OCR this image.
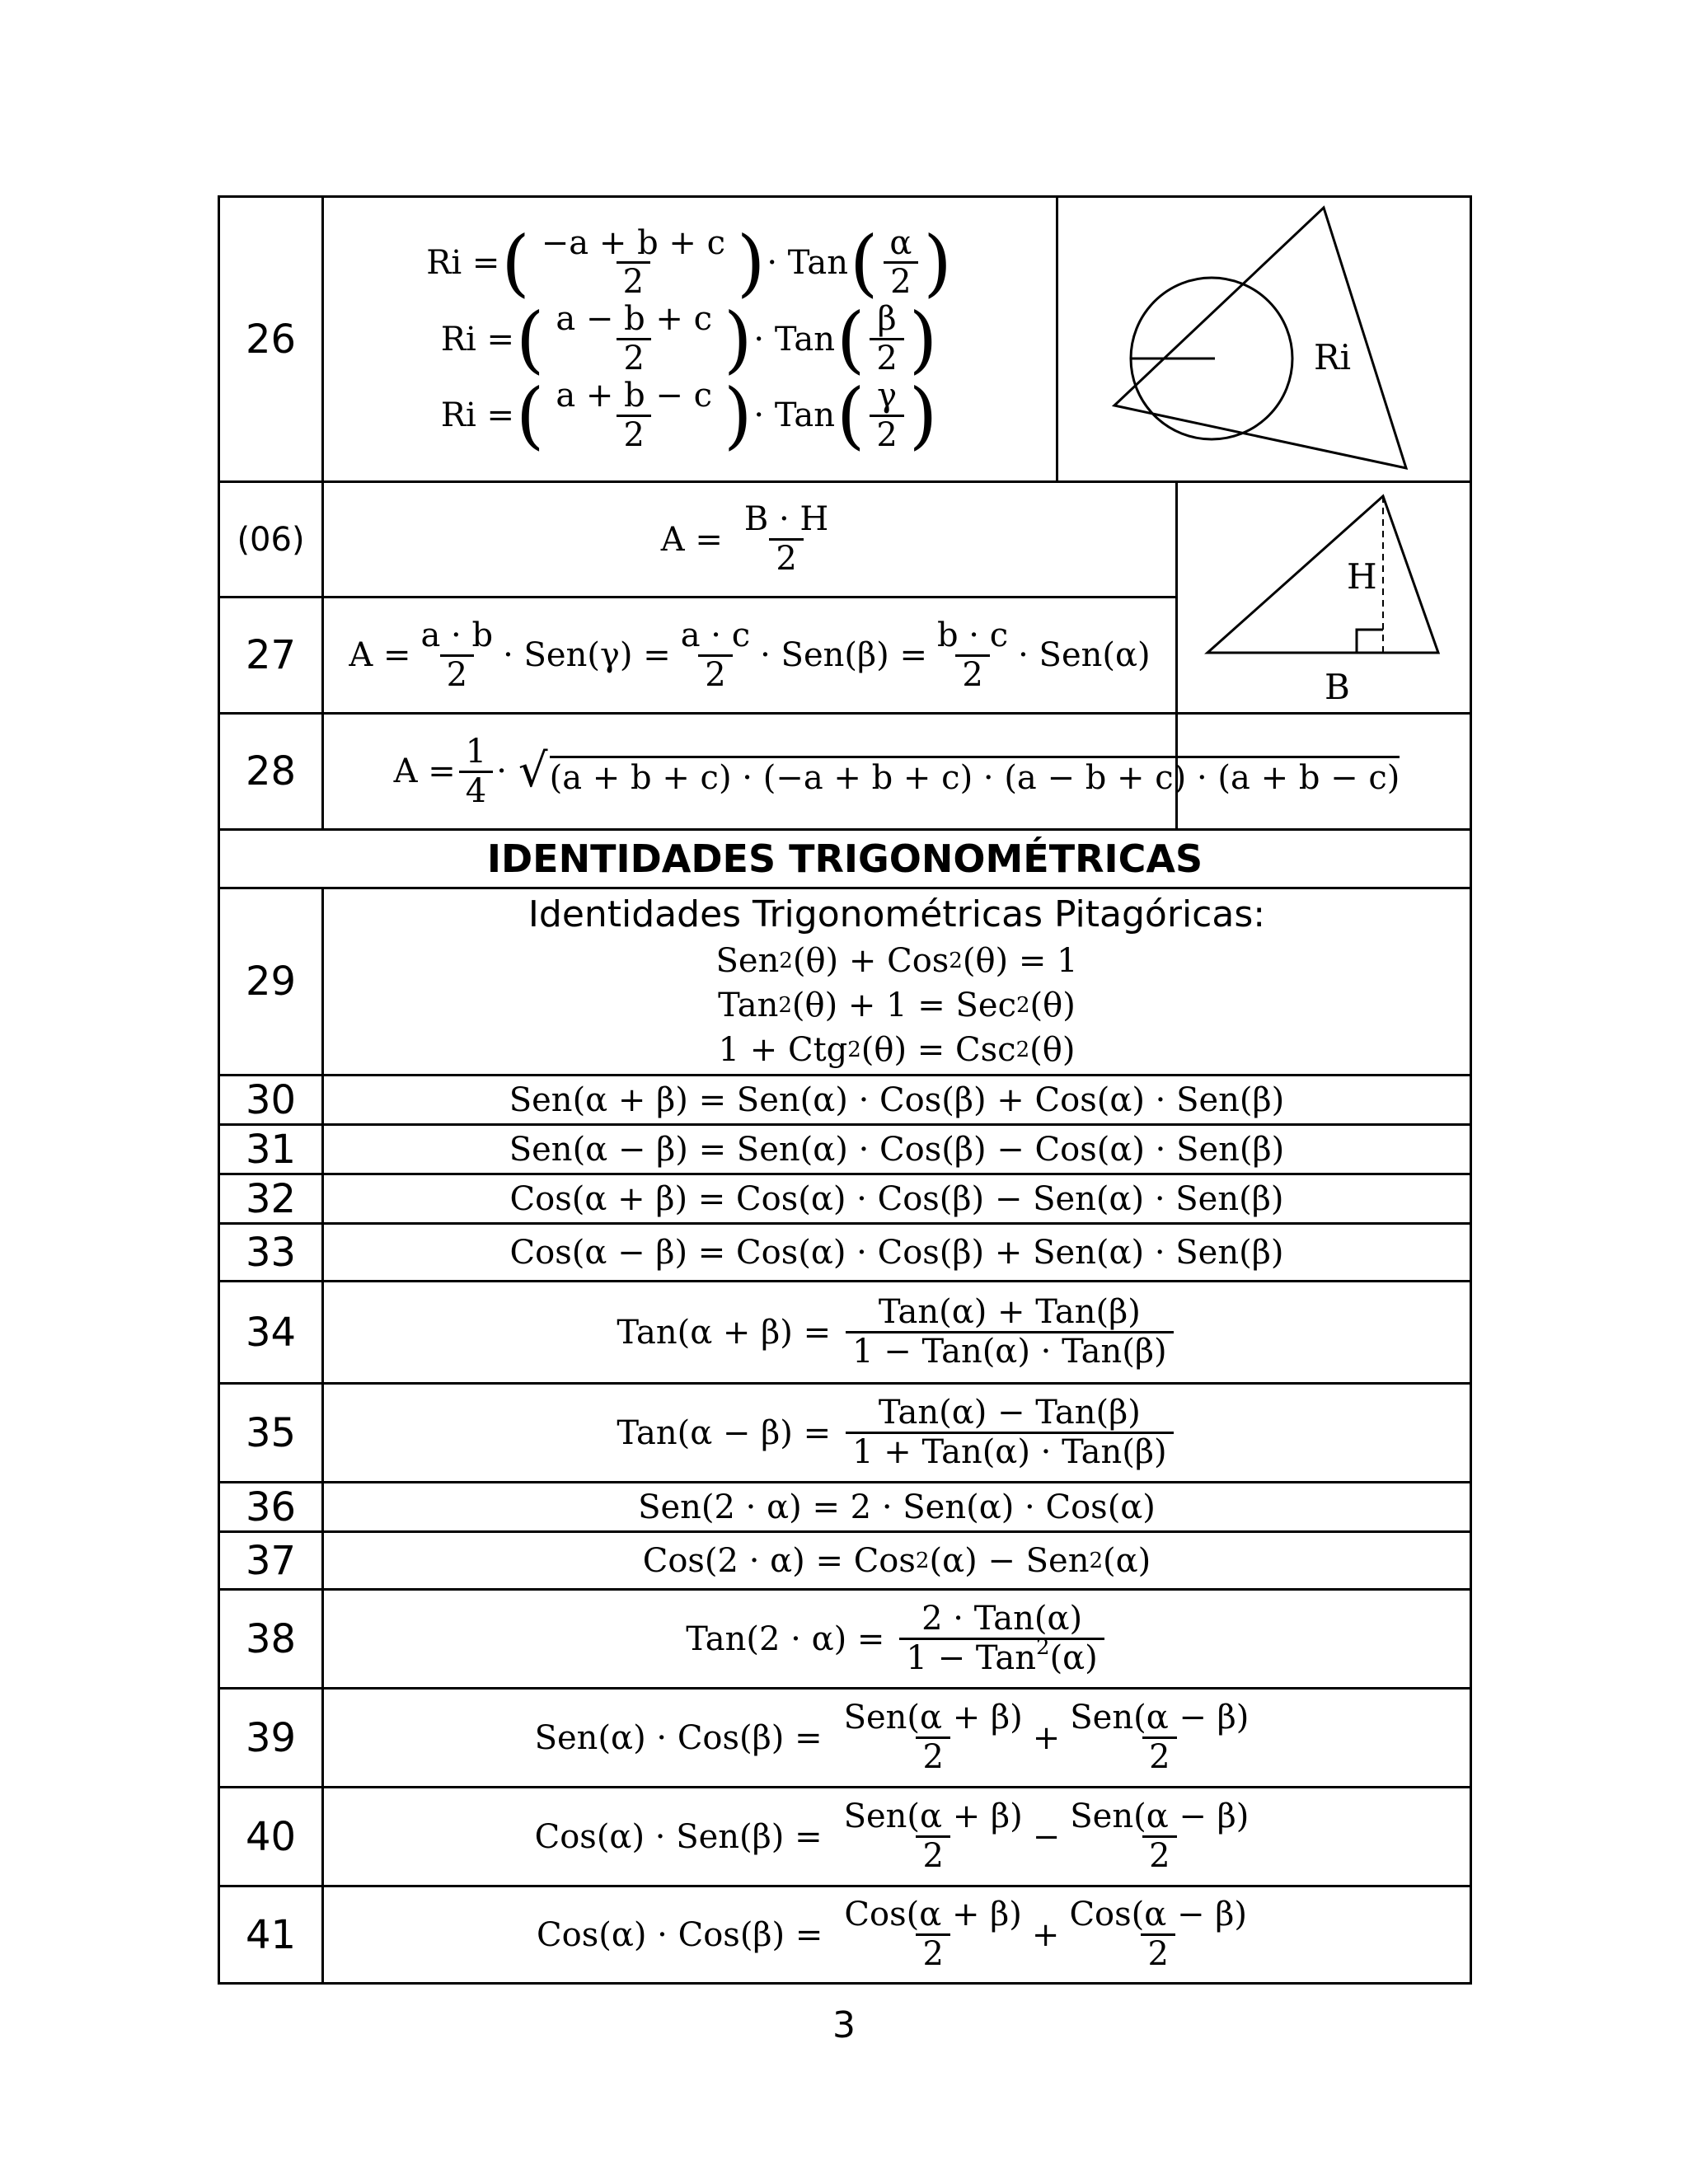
26
(06)
27
28
29
30
31
32
33
34
35
36
37
38
39
40
41
Ri = ( $\frac{-a + b + c}{2}$ ) · Tan ( $\frac{\alpha}{2}$ )
Ri = ( $\frac{a - b + c}{2}$ ) · Tan ( $\frac{\beta}{2}$ )
Ri = ( $\frac{a + b - c}{2}$ ) · Tan ( $\frac{\gamma}{2}$ )
Ri
$A = \frac{B \cdot H}{2}$
$A = \frac{a \cdot b}{2} \cdot Sen(\gamma) = \frac{a \cdot c}{2} \cdot Sen(\beta) = \frac{b \cdot c}{2} \cdot Sen(\alpha)$
H
B
$A = \frac{1}{4}$ · √ (a + b + c) · (−a + b + c) · (a − b + c) · (a + b − c)
IDENTIDADES TRIGONOMÉTRICAS
Identidades Trigonométricas Pitagóricas:
Sen 2 (θ) + Cos 2 (θ) = 1
Tan 2 (θ) + 1 = Sec 2 (θ)
1 + Ctg 2 (θ) = Csc 2 (θ)
Sen(α + β) = Sen(α) · Cos(β) + Cos(α) · Sen(β)
Sen(α − β) = Sen(α) · Cos(β) − Cos(α) · Sen(β)
Cos(α + β) = Cos(α) · Cos(β) − Sen(α) · Sen(β)
Cos(α − β) = Cos(α) · Cos(β) + Sen(α) · Sen(β)
$Tan(\alpha + \beta) = \frac{\text{Tan(α) + Tan(β)}}{\text{1 − Tan(α) · Tan(β)}}$
$Tan(\alpha - \beta) = \frac{\text{Tan(α) − Tan(β)}}{\text{1 + Tan(α) · Tan(β)}}$
Sen(2 · α) = 2 · Sen(α) · Cos(α)
Cos(2 · α) = Cos 2 (α) − Sen 2 (α)
$Tan(2 \cdot \alpha) = \frac{\text{2 · Tan(α)}}{1 - Tan^2(\alpha)}$
$Sen(\alpha) \cdot Cos(\beta) = \frac{\text{Sen(α + β)}}{2} + \frac{\text{Sen(α − β)}}{2}$
$Cos(\alpha) \cdot Sen(\beta) = \frac{\text{Sen(α + β)}}{2} - \frac{\text{Sen(α − β)}}{2}$
$Cos(\alpha) \cdot Cos(\beta) = \frac{\text{Cos(α + β)}}{2} + \frac{\text{Cos(α − β)}}{2}$
3
